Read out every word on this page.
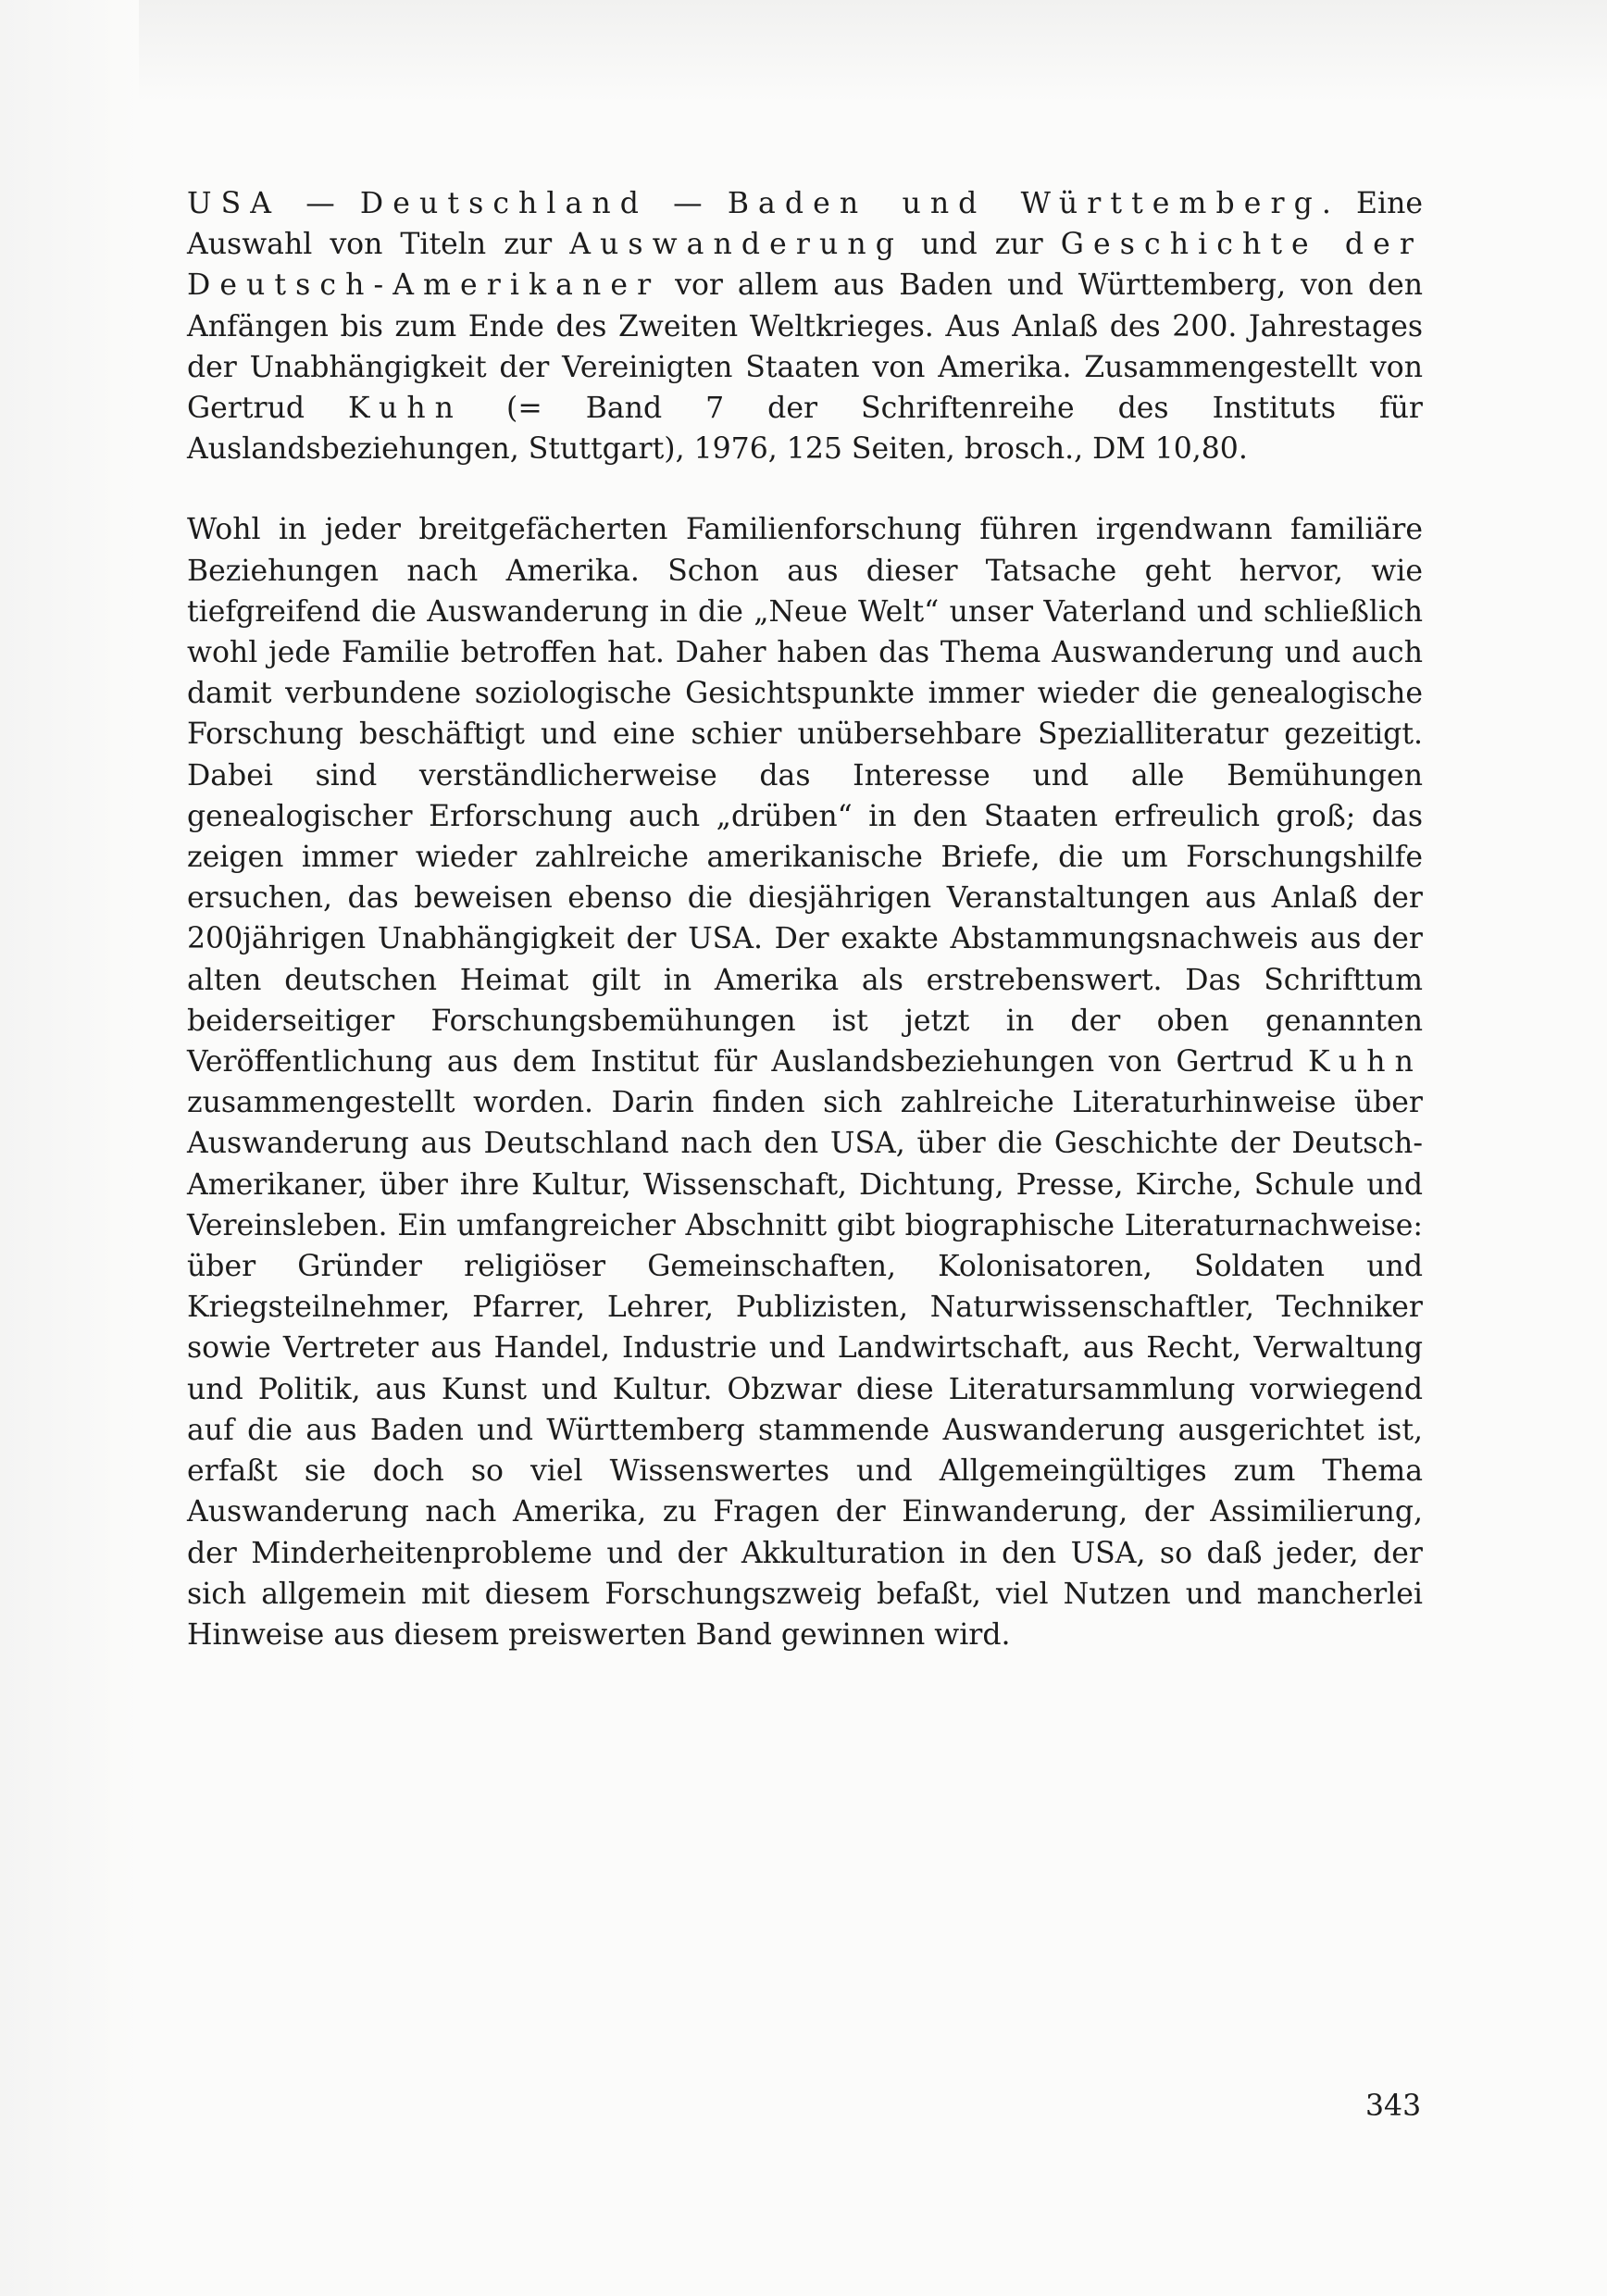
USA — Deutschland — Baden und Württemberg. Eine Auswahl von Titeln zur Auswanderung und zur Geschichte der Deutsch-Amerikaner vor allem aus Baden und Württemberg, von den Anfängen bis zum Ende des Zweiten Weltkrieges. Aus Anlaß des 200. Jahrestages der Unabhängigkeit der Vereinigten Staaten von Amerika. Zusammengestellt von Gertrud Kuhn (= Band 7 der Schriftenreihe des Instituts für Auslandsbeziehungen, Stuttgart), 1976, 125 Seiten, brosch., DM 10,80.

Wohl in jeder breitgefächerten Familienforschung führen irgendwann familiäre Beziehungen nach Amerika. Schon aus dieser Tatsache geht hervor, wie tiefgreifend die Auswanderung in die „Neue Welt“ unser Vaterland und schließlich wohl jede Familie betroffen hat. Daher haben das Thema Auswanderung und auch damit verbundene soziologische Gesichtspunkte immer wieder die genealogische Forschung beschäftigt und eine schier unübersehbare Spezialliteratur gezeitigt. Dabei sind verständlicherweise das Interesse und alle Bemühungen genealogischer Erforschung auch „drüben“ in den Staaten erfreulich groß; das zeigen immer wieder zahlreiche amerikanische Briefe, die um Forschungshilfe ersuchen, das beweisen ebenso die diesjährigen Veranstaltungen aus Anlaß der 200jährigen Unabhängigkeit der USA. Der exakte Abstammungsnachweis aus der alten deutschen Heimat gilt in Amerika als erstrebenswert. Das Schrifttum beiderseitiger Forschungsbemühungen ist jetzt in der oben genannten Veröffentlichung aus dem Institut für Auslandsbeziehungen von Gertrud Kuhn zusammengestellt worden. Darin finden sich zahlreiche Literaturhinweise über Auswanderung aus Deutschland nach den USA, über die Geschichte der Deutsch-Amerikaner, über ihre Kultur, Wissenschaft, Dichtung, Presse, Kirche, Schule und Vereinsleben. Ein umfangreicher Abschnitt gibt biographische Literaturnachweise: über Gründer religiöser Gemeinschaften, Kolonisatoren, Soldaten und Kriegsteilnehmer, Pfarrer, Lehrer, Publizisten, Naturwissenschaftler, Techniker sowie Vertreter aus Handel, Industrie und Landwirtschaft, aus Recht, Verwaltung und Politik, aus Kunst und Kultur. Obzwar diese Literatursammlung vorwiegend auf die aus Baden und Württemberg stammende Auswanderung ausgerichtet ist, erfaßt sie doch so viel Wissenswertes und Allgemeingültiges zum Thema Auswanderung nach Amerika, zu Fragen der Einwanderung, der Assimilierung, der Minderheitenprobleme und der Akkulturation in den USA, so daß jeder, der sich allgemein mit diesem Forschungszweig befaßt, viel Nutzen und mancherlei Hinweise aus diesem preiswerten Band gewinnen wird.

343
